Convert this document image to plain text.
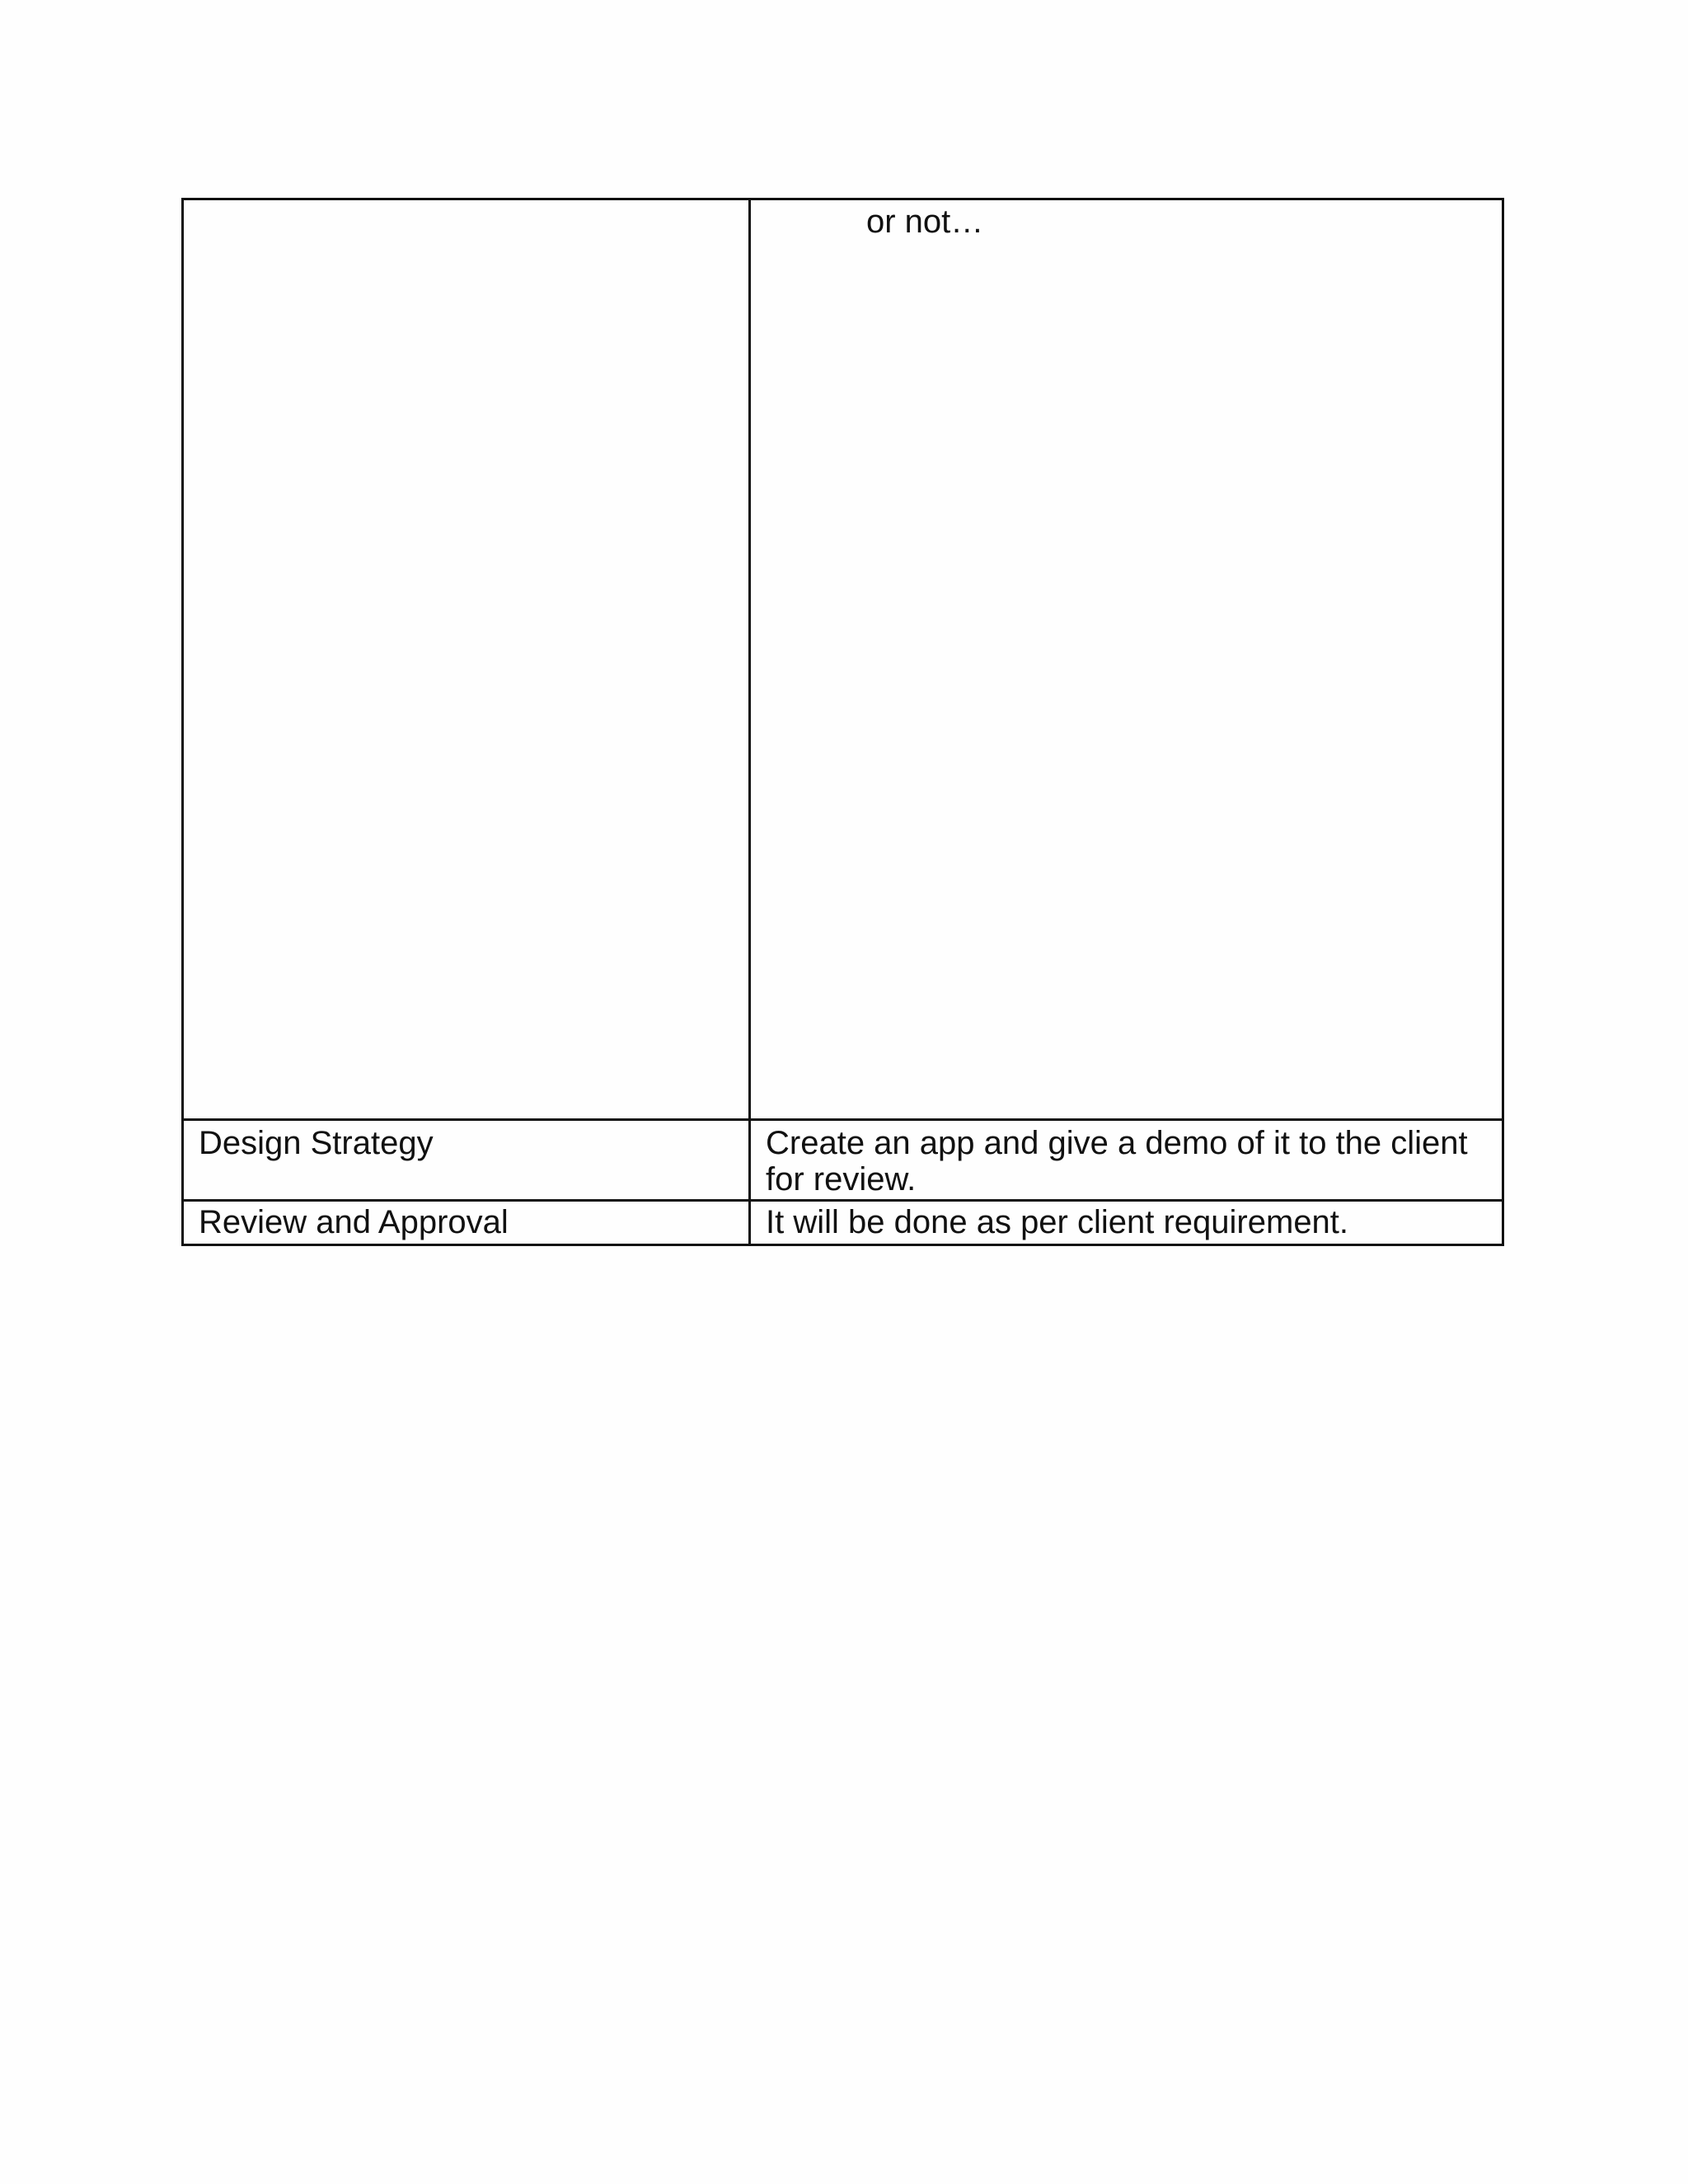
	or not…

Design Strategy	Create an app and give a demo of it to the client for review.
Review and Approval	It will be done as per client requirement.
